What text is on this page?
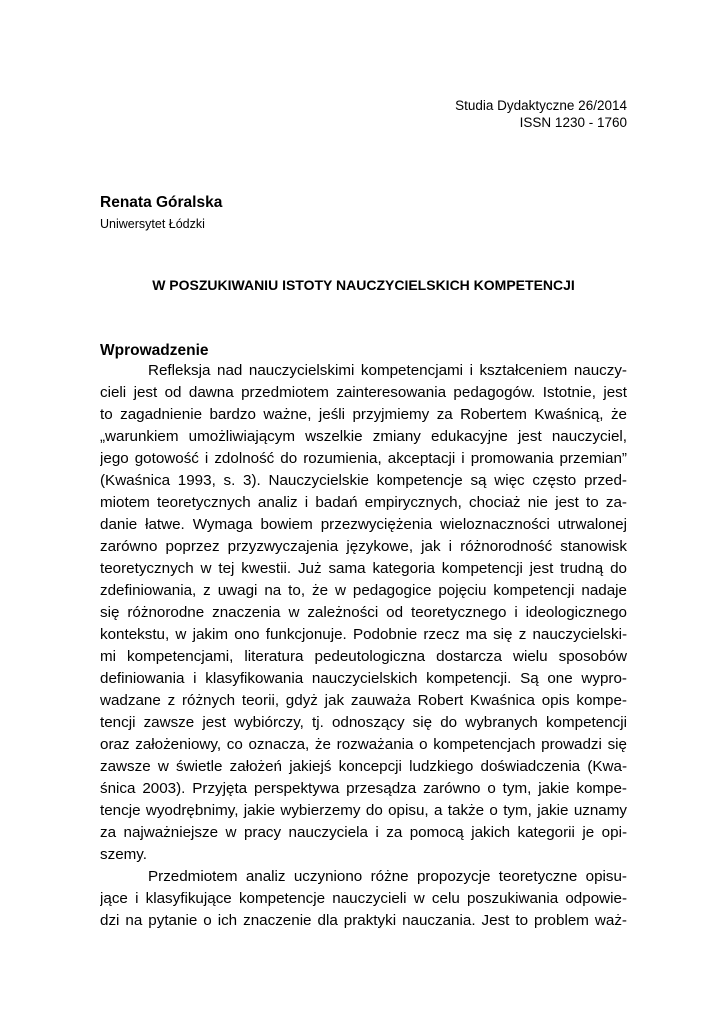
Studia Dydaktyczne 26/2014
ISSN 1230 - 1760
Renata Góralska
Uniwersytet Łódzki
W POSZUKIWANIU ISTOTY NAUCZYCIELSKICH KOMPETENCJI
Wprowadzenie
Refleksja nad nauczycielskimi kompetencjami i kształceniem nauczy-
cieli jest od dawna przedmiotem zainteresowania pedagogów. Istotnie, jest
to zagadnienie bardzo ważne, jeśli przyjmiemy za Robertem Kwaśnicą, że
„warunkiem umożliwiającym wszelkie zmiany edukacyjne jest nauczyciel,
jego gotowość i zdolność do rozumienia, akceptacji i promowania przemian”
(Kwaśnica 1993, s. 3). Nauczycielskie kompetencje są więc często przed-
miotem teoretycznych analiz i badań empirycznych, chociaż nie jest to za-
danie łatwe. Wymaga bowiem przezwyciężenia wieloznaczności utrwalonej
zarówno poprzez przyzwyczajenia językowe, jak i różnorodność stanowisk
teoretycznych w tej kwestii. Już sama kategoria kompetencji jest trudną do
zdefiniowania, z uwagi na to, że w pedagogice pojęciu kompetencji nadaje
się różnorodne znaczenia w zależności od teoretycznego i ideologicznego
kontekstu, w jakim ono funkcjonuje. Podobnie rzecz ma się z nauczycielski-
mi kompetencjami, literatura pedeutologiczna dostarcza wielu sposobów
definiowania i klasyfikowania nauczycielskich kompetencji. Są one wypro-
wadzane z różnych teorii, gdyż jak zauważa Robert Kwaśnica opis kompe-
tencji zawsze jest wybiórczy, tj. odnoszący się do wybranych kompetencji
oraz założeniowy, co oznacza, że rozważania o kompetencjach prowadzi się
zawsze w świetle założeń jakiejś koncepcji ludzkiego doświadczenia (Kwa-
śnica 2003). Przyjęta perspektywa przesądza zarówno o tym, jakie kompe-
tencje wyodrębnimy, jakie wybierzemy do opisu, a także o tym, jakie uznamy
za najważniejsze w pracy nauczyciela i za pomocą jakich kategorii je opi-
szemy.
Przedmiotem analiz uczyniono różne propozycje teoretyczne opisu-
jące i klasyfikujące kompetencje nauczycieli w celu poszukiwania odpowie-
dzi na pytanie o ich znaczenie dla praktyki nauczania. Jest to problem waż-
